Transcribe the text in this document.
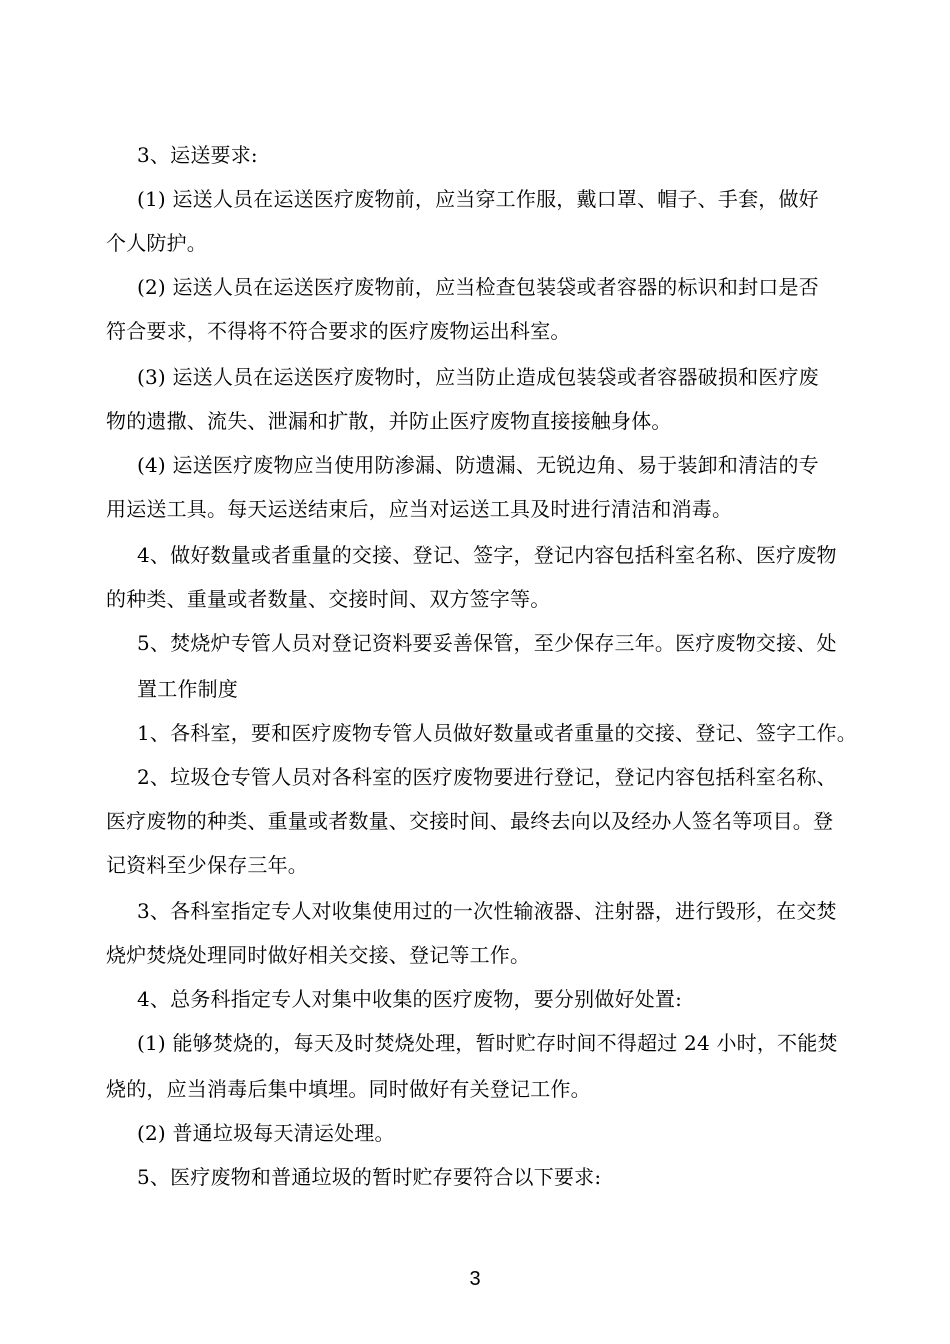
3、运送要求:
(1) 运送人员在运送医疗废物前，应当穿工作服，戴口罩、帽子、手套，做好
个人防护。
(2) 运送人员在运送医疗废物前，应当检查包装袋或者容器的标识和封口是否
符合要求，不得将不符合要求的医疗废物运出科室。
(3) 运送人员在运送医疗废物时，应当防止造成包装袋或者容器破损和医疗废
物的遗撒、流失、泄漏和扩散，并防止医疗废物直接接触身体。
(4) 运送医疗废物应当使用防渗漏、防遗漏、无锐边角、易于装卸和清洁的专
用运送工具。每天运送结束后，应当对运送工具及时进行清洁和消毒。
4、做好数量或者重量的交接、登记、签字，登记内容包括科室名称、医疗废物
的种类、重量或者数量、交接时间、双方签字等。
5、焚烧炉专管人员对登记资料要妥善保管，至少保存三年。医疗废物交接、处
置工作制度
1、各科室，要和医疗废物专管人员做好数量或者重量的交接、登记、签字工作。
2、垃圾仓专管人员对各科室的医疗废物要进行登记，登记内容包括科室名称、
医疗废物的种类、重量或者数量、交接时间、最终去向以及经办人签名等项目。登
记资料至少保存三年。
3、各科室指定专人对收集使用过的一次性输液器、注射器，进行毁形，在交焚
烧炉焚烧处理同时做好相关交接、登记等工作。
4、总务科指定专人对集中收集的医疗废物，要分别做好处置:
(1) 能够焚烧的，每天及时焚烧处理，暂时贮存时间不得超过 24 小时，不能焚
烧的，应当消毒后集中填埋。同时做好有关登记工作。
(2) 普通垃圾每天清运处理。
5、医疗废物和普通垃圾的暂时贮存要符合以下要求:
3
